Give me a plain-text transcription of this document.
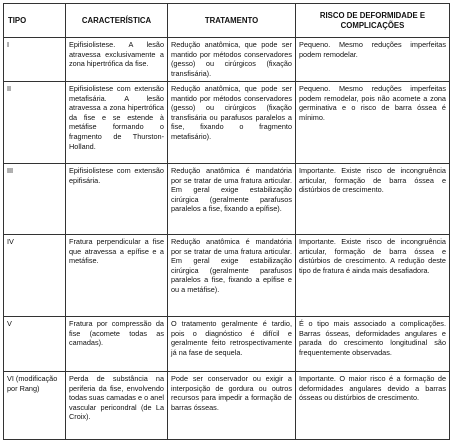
TIPO	CARACTERÍSTICA	TRATAMENTO	RISCO DE DEFORMIDADE E COMPLICAÇÕES
I	Epifisiolistese. A lesão atravessa exclusivamente a zona hipertrófica da fise.	Redução anatômica, que pode ser mantido por métodos conservadores (gesso) ou cirúrgicos (fixação transfisária).	Pequeno. Mesmo reduções imperfeitas podem remodelar.
II	Epifisiolistese com extensão metafisária. A lesão atravessa a zona hipertrófica da fise e se estende à metáfise formando o fragmento de Thurston-Holland.	Redução anatômica, que pode ser mantido por métodos conservadores (gesso) ou cirúrgicos (fixação transfisária ou parafusos paralelos a fise, fixando o fragmento metafisário).	Pequeno. Mesmo reduções imperfeitas podem remodelar, pois não acomete a zona germinativa e o risco de barra óssea é mínimo.
III	Epifisiolistese com extensão epifisária.	Redução anatômica é mandatória por se tratar de uma fratura articular. Em geral exige estabilização cirúrgica (geralmente parafusos paralelos a fise, fixando a epífise).	Importante. Existe risco de incongruência articular, formação de barra óssea e distúrbios de crescimento.
IV	Fratura perpendicular a fise que atravessa a epífise e a metáfise.	Redução anatômica é mandatória por se tratar de uma fratura articular. Em geral exige estabilização cirúrgica (geralmente parafusos paralelos a fise, fixando a epífise e ou a metáfise).	Importante. Existe risco de incongruência articular, formação de barra óssea e distúrbios de crescimento. A redução deste tipo de fratura é ainda mais desafiadora.
V	Fratura por compressão da fise (acomete todas as camadas).	O tratamento geralmente é tardio, pois o diagnóstico é difícil e geralmente feito retrospectivamente já na fase de sequela.	É o tipo mais associado a complicações. Barras ósseas, deformidades angulares e parada do crescimento longitudinal são frequentemente observadas.
VI (modificação por Rang)	Perda de substância na periferia da fise, envolvendo todas suas camadas e o anel vascular pericondral (de La Croix).	Pode ser conservador ou exigir a interposição de gordura ou outros recursos para impedir a formação de barras ósseas.	Importante. O maior risco é a formação de deformidades angulares devido a barras ósseas ou distúrbios de crescimento.
